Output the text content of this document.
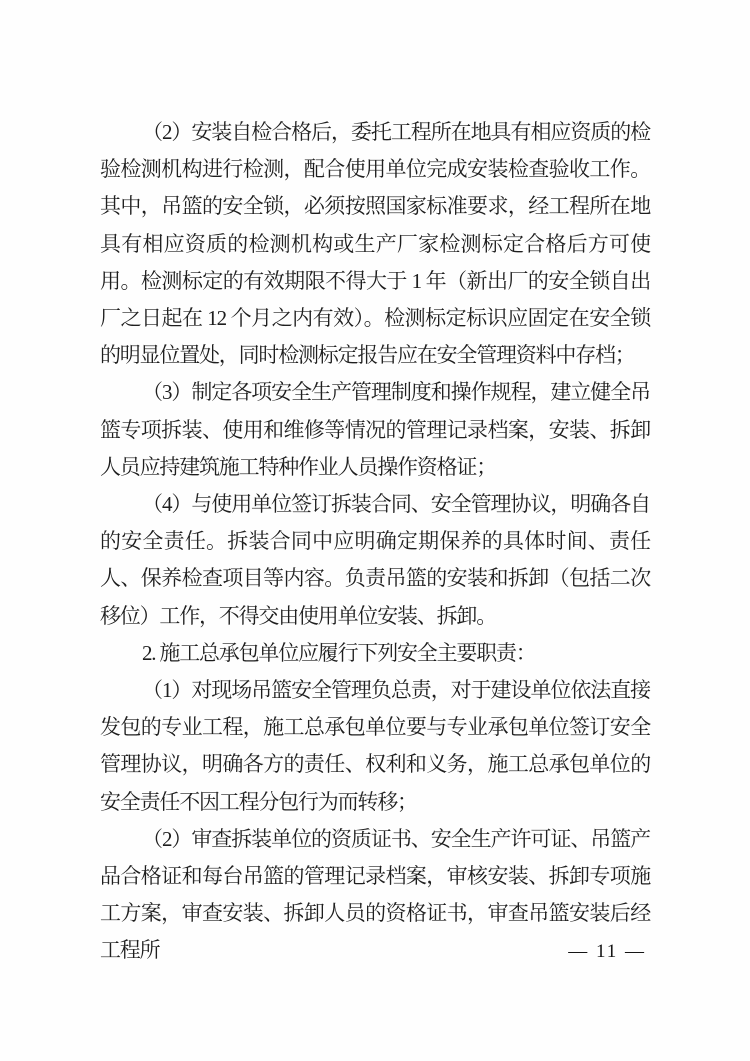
（2）安装自检合格后，委托工程所在地具有相应资质的检验检测机构进行检测，配合使用单位完成安装检查验收工作。其中，吊篮的安全锁，必须按照国家标准要求，经工程所在地具有相应资质的检测机构或生产厂家检测标定合格后方可使用。检测标定的有效期限不得大于 1 年（新出厂的安全锁自出厂之日起在 12 个月之内有效）。检测标定标识应固定在安全锁的明显位置处，同时检测标定报告应在安全管理资料中存档；

（3）制定各项安全生产管理制度和操作规程，建立健全吊篮专项拆装、使用和维修等情况的管理记录档案，安装、拆卸人员应持建筑施工特种作业人员操作资格证；

（4）与使用单位签订拆装合同、安全管理协议，明确各自的安全责任。拆装合同中应明确定期保养的具体时间、责任人、保养检查项目等内容。负责吊篮的安装和拆卸（包括二次移位）工作，不得交由使用单位安装、拆卸。

2. 施工总承包单位应履行下列安全主要职责：

（1）对现场吊篮安全管理负总责，对于建设单位依法直接发包的专业工程，施工总承包单位要与专业承包单位签订安全管理协议，明确各方的责任、权利和义务，施工总承包单位的安全责任不因工程分包行为而转移；

（2）审查拆装单位的资质证书、安全生产许可证、吊篮产品合格证和每台吊篮的管理记录档案，审核安装、拆卸专项施工方案，审查安装、拆卸人员的资格证书，审查吊篮安装后经工程所	— 11 —
